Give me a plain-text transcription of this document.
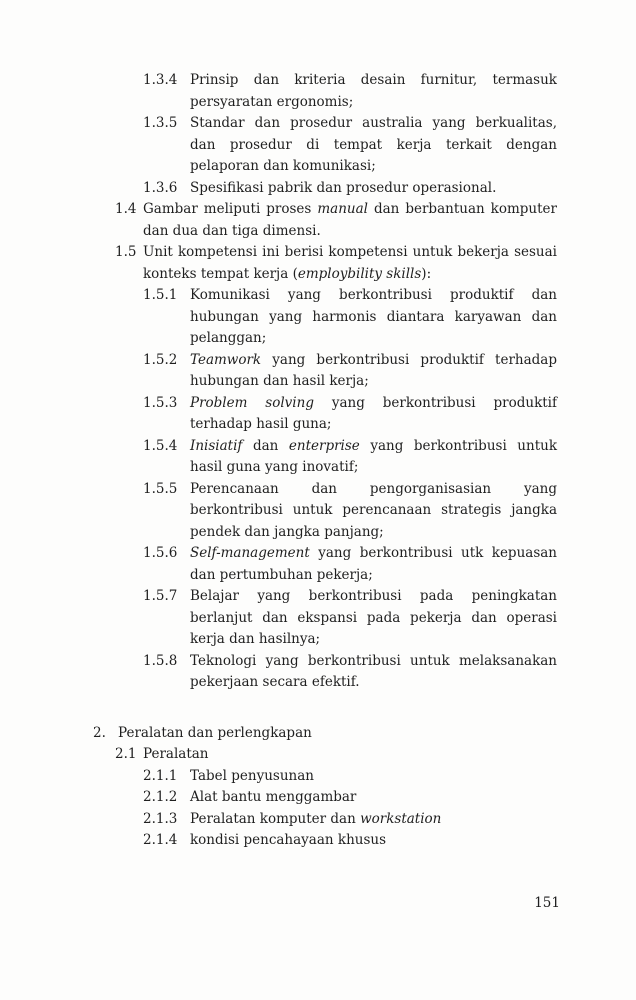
1.3.4 Prinsip dan kriteria desain furnitur, termasuk persyaratan ergonomis;
1.3.5 Standar dan prosedur australia yang berkualitas, dan prosedur di tempat kerja terkait dengan pelaporan dan komunikasi;
1.3.6 Spesifikasi pabrik dan prosedur operasional.
1.4 Gambar meliputi proses manual dan berbantuan komputer dan dua dan tiga dimensi.
1.5 Unit kompetensi ini berisi kompetensi untuk bekerja sesuai konteks tempat kerja (employbility skills):
1.5.1 Komunikasi yang berkontribusi produktif dan hubungan yang harmonis diantara karyawan dan pelanggan;
1.5.2 Teamwork yang berkontribusi produktif terhadap hubungan dan hasil kerja;
1.5.3 Problem solving yang berkontribusi produktif terhadap hasil guna;
1.5.4 Inisiatif dan enterprise yang berkontribusi untuk hasil guna yang inovatif;
1.5.5 Perencanaan dan pengorganisasian yang berkontribusi untuk perencanaan strategis jangka pendek dan jangka panjang;
1.5.6 Self-management yang berkontribusi utk kepuasan dan pertumbuhan pekerja;
1.5.7 Belajar yang berkontribusi pada peningkatan berlanjut dan ekspansi pada pekerja dan operasi kerja dan hasilnya;
1.5.8 Teknologi yang berkontribusi untuk melaksanakan pekerjaan secara efektif.
2. Peralatan dan perlengkapan
2.1 Peralatan
2.1.1 Tabel penyusunan
2.1.2 Alat bantu menggambar
2.1.3 Peralatan komputer dan workstation
2.1.4 kondisi pencahayaan khusus
151
